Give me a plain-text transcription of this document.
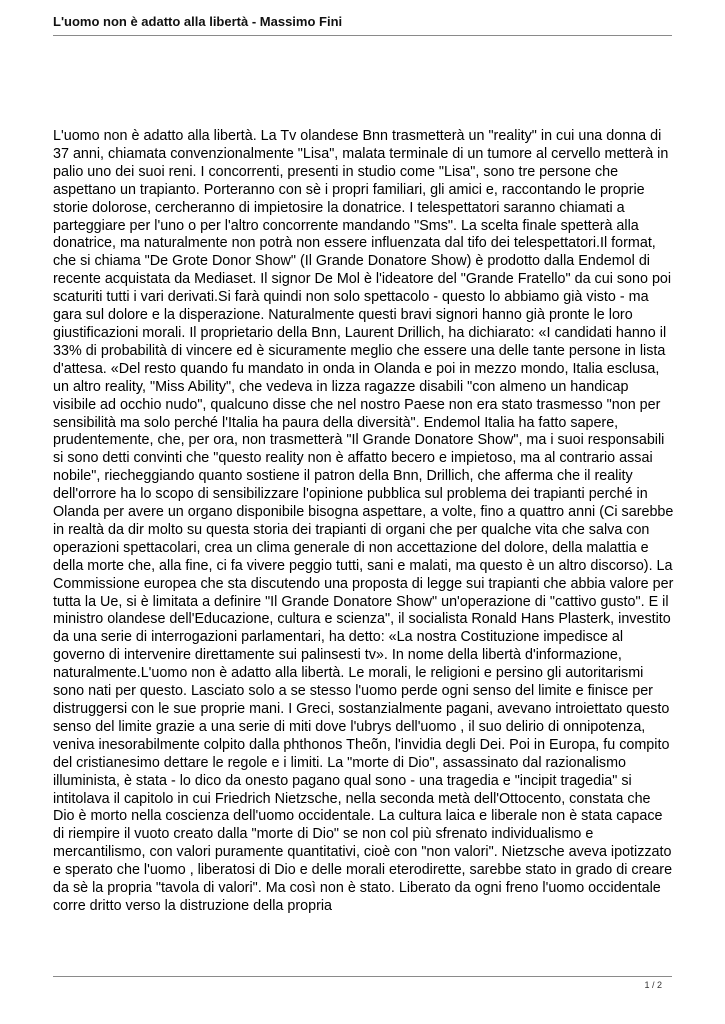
L'uomo non è adatto alla libertà - Massimo Fini

L'uomo non è adatto alla libertà. La Tv olandese Bnn trasmetterà un "reality" in cui una donna di 37 anni, chiamata convenzionalmente "Lisa", malata terminale di un tumore al cervello metterà in palio uno dei suoi reni. I concorrenti, presenti in studio come "Lisa", sono tre persone che aspettano un trapianto. Porteranno con sè i propri familiari, gli amici e, raccontando le proprie storie dolorose, cercheranno di impietosire la donatrice. I telespettatori saranno chiamati a parteggiare per l'uno o per l'altro concorrente mandando "Sms". La scelta finale spetterà alla donatrice, ma naturalmente non potrà non essere influenzata dal tifo dei telespettatori.Il format, che si chiama "De Grote Donor Show" (Il Grande Donatore Show) è prodotto dalla Endemol di recente acquistata da Mediaset. Il signor De Mol è l'ideatore del "Grande Fratello" da cui sono poi scaturiti tutti i vari derivati.Si farà quindi non solo spettacolo - questo lo abbiamo già visto - ma gara sul dolore e la disperazione. Naturalmente questi bravi signori hanno già pronte le loro giustificazioni morali. Il proprietario della Bnn, Laurent Drillich, ha dichiarato: «I candidati hanno il 33% di probabilità di vincere ed è sicuramente meglio che essere una delle tante persone in lista d'attesa. «Del resto quando fu mandato in onda in Olanda e poi in mezzo mondo, Italia esclusa, un altro reality, "Miss Ability", che vedeva in lizza ragazze disabili "con almeno un handicap visibile ad occhio nudo", qualcuno disse che nel nostro Paese non era stato trasmesso "non per sensibilità ma solo perché l'Italia ha paura della diversità". Endemol Italia ha fatto sapere, prudentemente, che, per ora, non trasmetterà "Il Grande Donatore Show", ma i suoi responsabili si sono detti convinti che "questo reality non è affatto becero e impietoso, ma al contrario assai nobile", riecheggiando quanto sostiene il patron della Bnn, Drillich, che afferma che il reality dell'orrore ha lo scopo di sensibilizzare l'opinione pubblica sul problema dei trapianti perché in Olanda per avere un organo disponibile bisogna aspettare, a volte, fino a quattro anni (Ci sarebbe in realtà da dir molto su questa storia dei trapianti di organi che per qualche vita che salva con operazioni spettacolari, crea un clima generale di non accettazione del dolore, della malattia e della morte che, alla fine, ci fa vivere peggio tutti, sani e malati, ma questo è un altro discorso). La Commissione europea che sta discutendo una proposta di legge sui trapianti che abbia valore per tutta la Ue, si è limitata a definire "Il Grande Donatore Show" un'operazione di "cattivo gusto". E il ministro olandese dell'Educazione, cultura e scienza", il socialista Ronald Hans Plasterk, investito da una serie di interrogazioni parlamentari, ha detto: «La nostra Costituzione impedisce al governo di intervenire direttamente sui palinsesti tv». In nome della libertà d'informazione, naturalmente.L'uomo non è adatto alla libertà. Le morali, le religioni e persino gli autoritarismi sono nati per questo. Lasciato solo a se stesso l'uomo perde ogni senso del limite e finisce per distruggersi con le sue proprie mani. I Greci, sostanzialmente pagani, avevano introiettato questo senso del limite grazie a una serie di miti dove l'ubrys dell'uomo , il suo delirio di onnipotenza, veniva inesorabilmente colpito dalla phthonos Theõn, l'invidia degli Dei. Poi in Europa, fu compito del cristianesimo dettare le regole e i limiti. La "morte di Dio", assassinato dal razionalismo illuminista, è stata - lo dico da onesto pagano qual sono - una tragedia e "incipit tragedia" si intitolava il capitolo in cui Friedrich Nietzsche, nella seconda metà dell'Ottocento, constata che Dio è morto nella coscienza dell'uomo occidentale. La cultura laica e liberale non è stata capace di riempire il vuoto creato dalla "morte di Dio" se non col più sfrenato individualismo e mercantilismo, con valori puramente quantitativi, cioè con "non valori". Nietzsche aveva ipotizzato e sperato che l'uomo , liberatosi di Dio e delle morali eterodirette, sarebbe stato in grado di creare da sè la propria "tavola di valori". Ma così non è stato. Liberato da ogni freno l'uomo occidentale corre dritto verso la distruzione della propria

1 / 2
